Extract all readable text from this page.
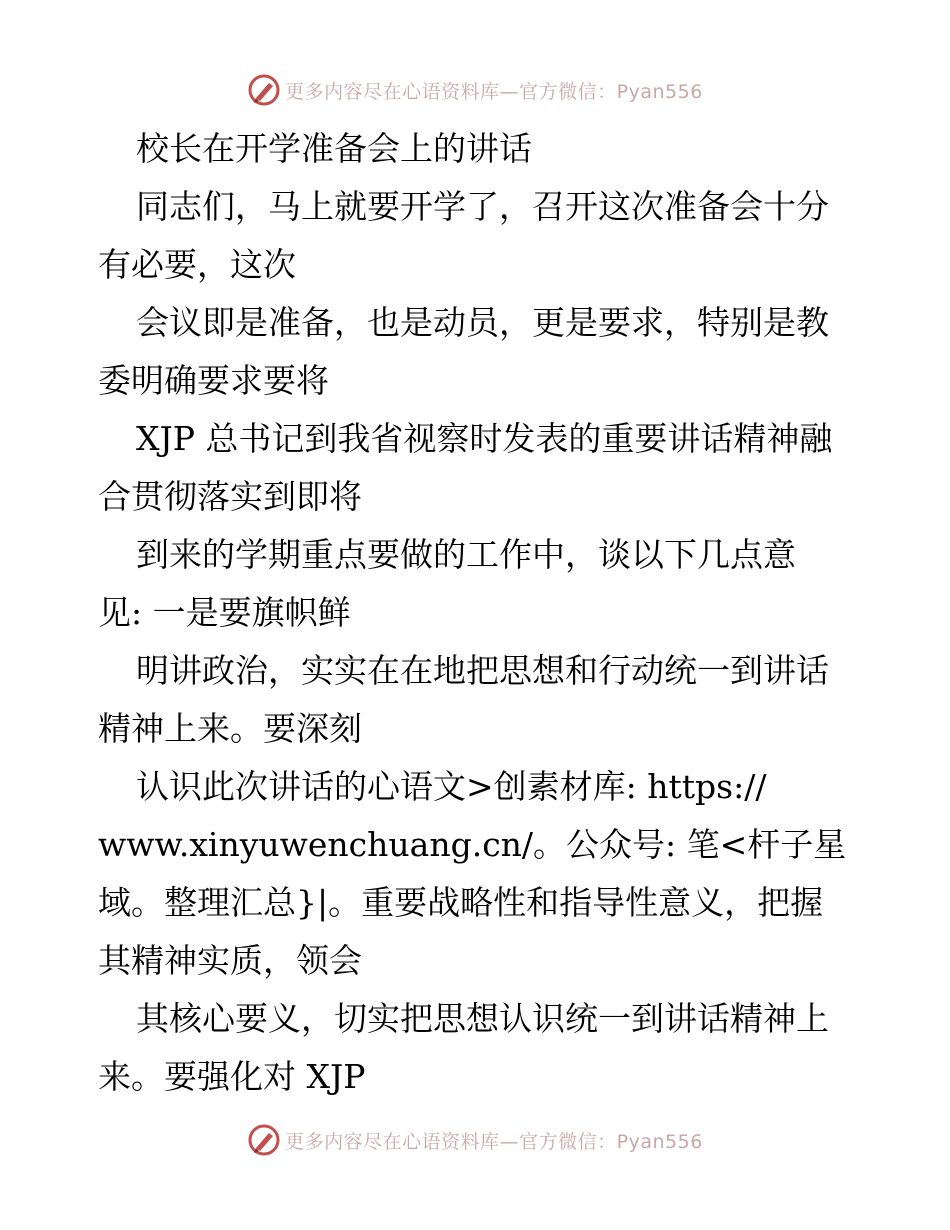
更多内容尽在心语资料库—官方微信：Pyan556
校长在开学准备会上的讲话
同志们，马上就要开学了，召开这次准备会十分
有必要，这次
会议即是准备，也是动员，更是要求，特别是教
委明确要求要将
XJP 总书记到我省视察时发表的重要讲话精神融
合贯彻落实到即将
到来的学期重点要做的工作中，谈以下几点意
见: 一是要旗帜鲜
明讲政治，实实在在地把思想和行动统一到讲话
精神上来。要深刻
认识此次讲话的心语文>创素材库: https://
www.xinyuwenchuang.cn/。公众号: 笔<杆子星
域。整理汇总}|。重要战略性和指导性意义，把握
其精神实质，领会
其核心要义，切实把思想认识统一到讲话精神上
来。要强化对 XJP
更多内容尽在心语资料库—官方微信：Pyan556
